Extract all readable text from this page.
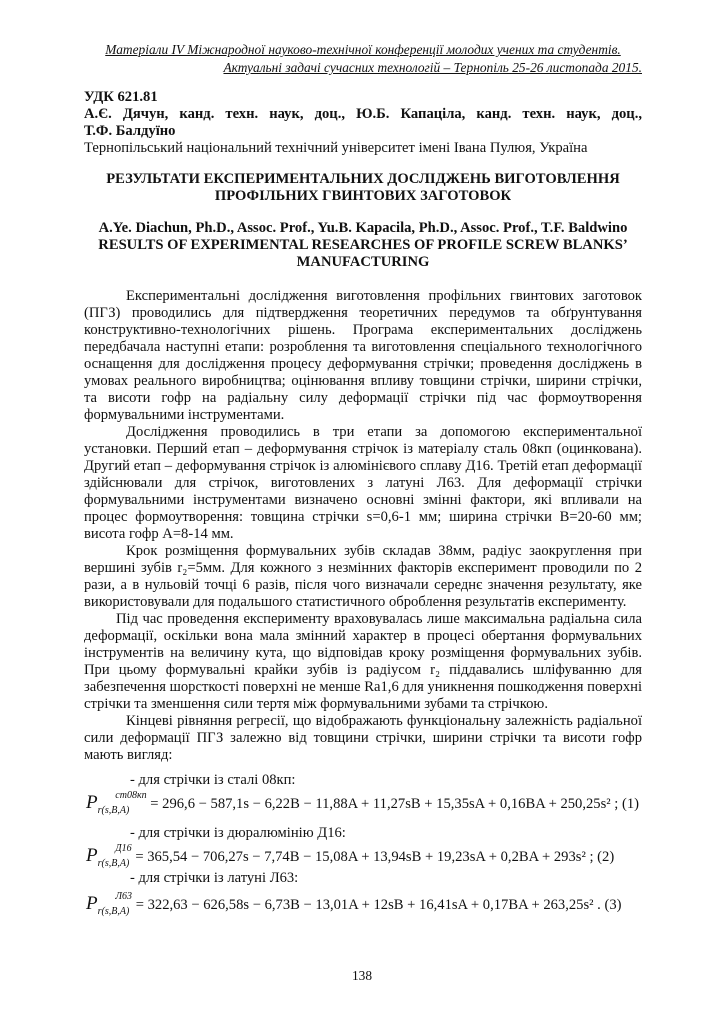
Матеріали IV Міжнародної науково-технічної конференції молодих учених та студентів.
Актуальні задачі сучасних технологій – Тернопіль 25-26 листопада 2015.
УДК 621.81
А.Є. Дячун, канд. техн. наук, доц., Ю.Б. Капаціла, канд. техн. наук, доц.,
Т.Ф. Балдуїно
Тернопільський національний технічний університет імені Івана Пулюя, Україна
РЕЗУЛЬТАТИ ЕКСПЕРИМЕНТАЛЬНИХ ДОСЛІДЖЕНЬ ВИГОТОВЛЕННЯ
ПРОФІЛЬНИХ ГВИНТОВИХ ЗАГОТОВОК
A.Ye. Diachun, Ph.D., Assoc. Prof., Yu.B. Kapacila, Ph.D., Assoc. Prof., T.F. Baldwino
RESULTS OF EXPERIMENTAL RESEARCHES OF PROFILE SCREW BLANKS’
MANUFACTURING

Експериментальні дослідження виготовлення профільних гвинтових заготовок (ПГЗ) проводились для підтвердження теоретичних передумов та обґрунтування конструктивно-технологічних рішень. Програма експериментальних досліджень передбачала наступні етапи: розроблення та виготовлення спеціального технологічного оснащення для дослідження процесу деформування стрічки; проведення досліджень в умовах реального виробництва; оцінювання впливу товщини стрічки, ширини стрічки, та висоти гофр на радіальну силу деформації стрічки під час формоутворення формувальними інструментами.

Дослідження проводились в три етапи за допомогою експериментальної установки. Перший етап – деформування стрічок із матеріалу сталь 08кп (оцинкована). Другий етап – деформування стрічок із алюмінієвого сплаву Д16. Третій етап деформації здійснювали для стрічок, виготовлених з латуні Л63. Для деформації стрічки формувальними інструментами визначено основні змінні фактори, які впливали на процес формоутворення: товщина стрічки s=0,6-1 мм; ширина стрічки B=20-60 мм; висота гофр A=8-14 мм.

Крок розміщення формувальних зубів складав 38мм, радіус заокруглення при вершині зубів r₂=5мм. Для кожного з незмінних факторів експеримент проводили по 2 рази, а в нульовій точці 6 разів, після чого визначали середнє значення результату, яке використовували для подальшого статистичного оброблення результатів експерименту.

Під час проведення експерименту враховувалась лише максимальна радіальна сила деформації, оскільки вона мала змінний характер в процесі обертання формувальних інструментів на величину кута, що відповідав кроку розміщення формувальних зубів. При цьому формувальні крайки зубів із радіусом r₂ піддавались шліфуванню для забезпечення шорсткості поверхні не менше Ra1,6 для уникнення пошкодження поверхні стрічки та зменшення сили тертя між формувальними зубами та стрічкою.

Кінцеві рівняння регресії, що відображають функціональну залежність радіальної сили деформації ПГЗ залежно від товщини стрічки, ширини стрічки та висоти гофр мають вигляд:

- для стрічки із сталі 08кп:
$P_{r(s,B,A)}ст08кп = 296,6 - 587,1s - 6,22B - 11,88A + 11,27sB + 15,35sA + 0,16BA + 250,25s^2$ ; (1)
- для стрічки із дюралюмінію Д16:
$P_{r(s,B,A)}Д16 = 365,54 - 706,27s - 7,74B - 15,08A + 13,94sB + 19,23sA + 0,2BA + 293s^2$ ; (2)
- для стрічки із латуні Л63:
$P_{r(s,B,A)}Л63 = 322,63 - 626,58s - 6,73B - 13,01A + 12sB + 16,41sA + 0,17BA + 263,25s^2$ . (3)
138
